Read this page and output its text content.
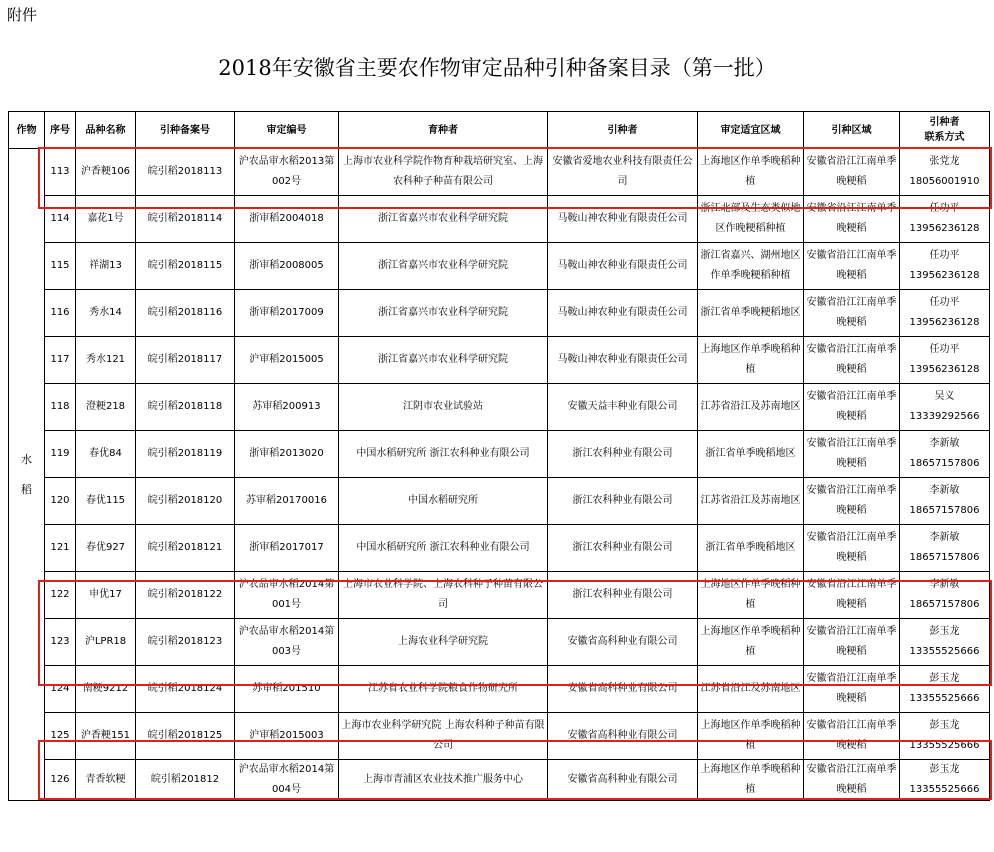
附件
2018年安徽省主要农作物审定品种引种备案目录（第一批）
作物	序号	品种名称	引种备案号	审定编号	育种者	引种者	审定适宜区域	引种区域	引种者
联系方式
水
稻	113	沪香粳106	皖引稻2018113	沪农品审水稻2013第002号	上海市农业科学院作物育种栽培研究室、上海农科种子种苗有限公司	安徽省爱地农业科技有限责任公司	上海地区作单季晚稻种植	安徽省沿江江南单季晚粳稻	张党龙
18056001910
	114	嘉花1号	皖引稻2018114	浙审稻2004018	浙江省嘉兴市农业科学研究院	马鞍山神农种业有限责任公司	浙江北部及生态类似地区作晚粳稻种植	安徽省沿江江南单季晚粳稻	任功平
13956236128
	115	祥湖13	皖引稻2018115	浙审稻2008005	浙江省嘉兴市农业科学研究院	马鞍山神农种业有限责任公司	浙江省嘉兴、湖州地区作单季晚粳稻种植	安徽省沿江江南单季晚粳稻	任功平
13956236128
	116	秀水14	皖引稻2018116	浙审稻2017009	浙江省嘉兴市农业科学研究院	马鞍山神农种业有限责任公司	浙江省单季晚粳稻地区	安徽省沿江江南单季晚粳稻	任功平
13956236128
	117	秀水121	皖引稻2018117	沪审稻2015005	浙江省嘉兴市农业科学研究院	马鞍山神农种业有限责任公司	上海地区作单季晚稻种植	安徽省沿江江南单季晚粳稻	任功平
13956236128
	118	澄粳218	皖引稻2018118	苏审稻200913	江阴市农业试验站	安徽天益丰种业有限公司	江苏省沿江及苏南地区	安徽省沿江江南单季晚粳稻	吴义
13339292566
	119	春优84	皖引稻2018119	浙审稻2013020	中国水稻研究所 浙江农科种业有限公司	浙江农科种业有限公司	浙江省单季晚稻地区	安徽省沿江江南单季晚粳稻	李新敏
18657157806
	120	春优115	皖引稻2018120	苏审稻20170016	中国水稻研究所	浙江农科种业有限公司	江苏省沿江及苏南地区	安徽省沿江江南单季晚粳稻	李新敏
18657157806
	121	春优927	皖引稻2018121	浙审稻2017017	中国水稻研究所 浙江农科种业有限公司	浙江农科种业有限公司	浙江省单季晚稻地区	安徽省沿江江南单季晚粳稻	李新敏
18657157806
	122	申优17	皖引稻2018122	沪农品审水稻2014第001号	上海市农业科学院、上海农科种子种苗有限公司	浙江农科种业有限公司	上海地区作单季晚稻种植	安徽省沿江江南单季晚粳稻	李新敏
18657157806
	123	沪LPR18	皖引稻2018123	沪农品审水稻2014第003号	上海农业科学研究院	安徽省高科种业有限公司	上海地区作单季晚稻种植	安徽省沿江江南单季晚粳稻	彭玉龙
13355525666
	124	南粳9212	皖引稻2018124	苏审稻201510	江苏省农业科学院粮食作物研究所	安徽省高科种业有限公司	江苏省沿江及苏南地区	安徽省沿江江南单季晚粳稻	彭玉龙
13355525666
	125	沪香粳151	皖引稻2018125	沪审稻2015003	上海市农业科学研究院 上海农科种子种苗有限公司	安徽省高科种业有限公司	上海地区作单季晚稻种植	安徽省沿江江南单季晚粳稻	彭玉龙
13355525666
	126	青香软粳	皖引稻201812	沪农品审水稻2014第004号	上海市青浦区农业技术推广服务中心	安徽省高科种业有限公司	上海地区作单季晚稻种植	安徽省沿江江南单季晚粳稻	彭玉龙
13355525666
